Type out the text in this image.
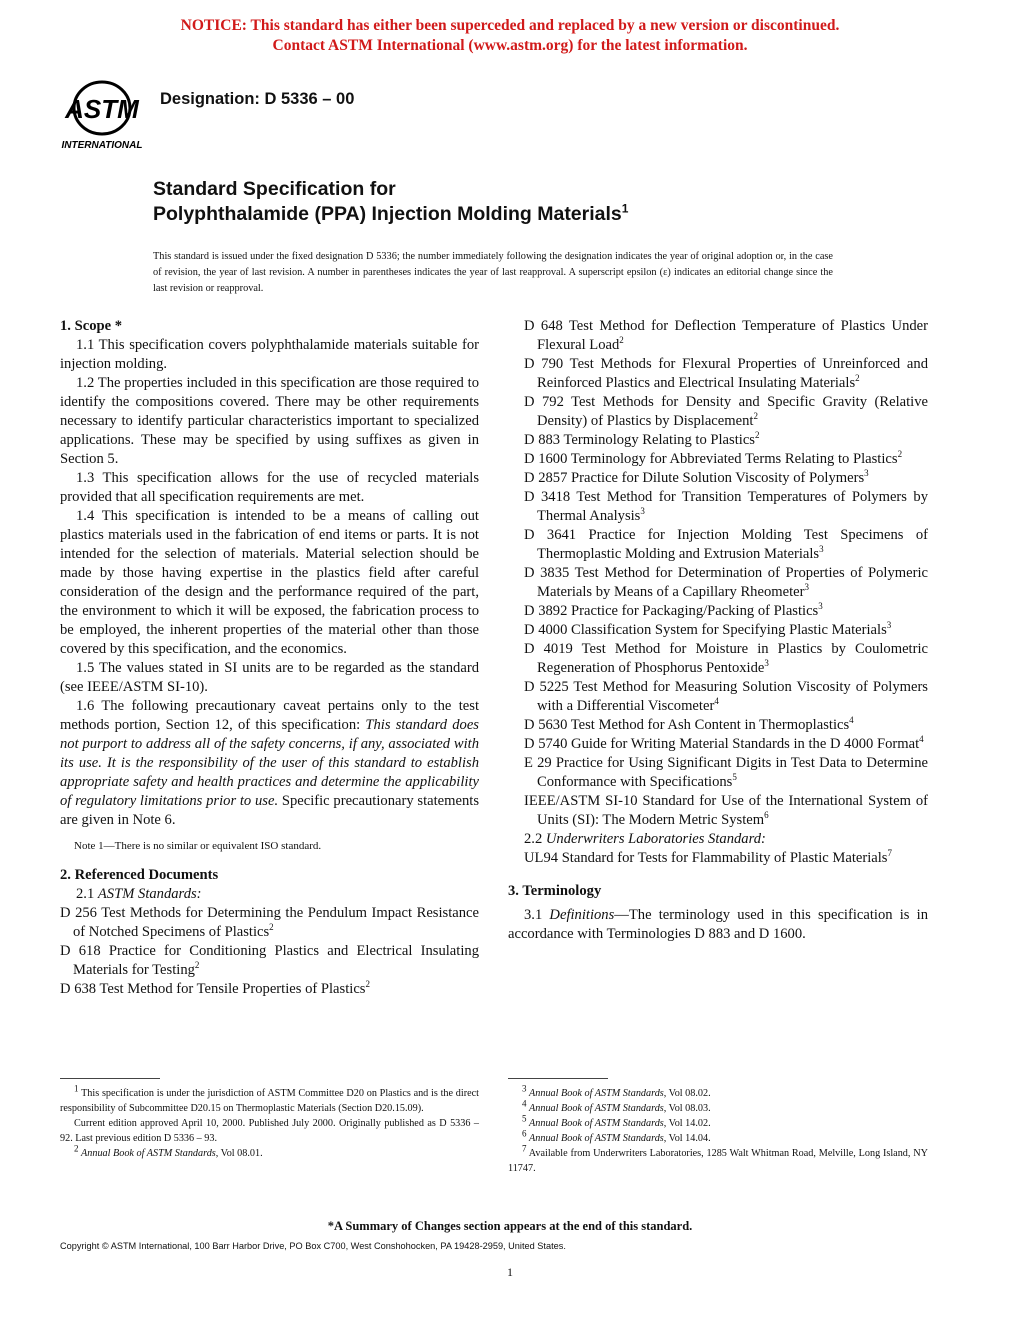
NOTICE: This standard has either been superceded and replaced by a new version or discontinued.
Contact ASTM International (www.astm.org) for the latest information.
ASTM
INTERNATIONAL
Designation: D 5336 – 00
Standard Specification for
Polyphthalamide (PPA) Injection Molding Materials$^1$
This standard is issued under the fixed designation D 5336; the number immediately following the designation indicates the year of original adoption or, in the case of revision, the year of last revision. A number in parentheses indicates the year of last reapproval. A superscript epsilon (ε) indicates an editorial change since the last revision or reapproval.

1. Scope *

1.1 This specification covers polyphthalamide materials suitable for injection molding.

1.2 The properties included in this specification are those required to identify the compositions covered. There may be other requirements necessary to identify particular characteristics important to specialized applications. These may be specified by using suffixes as given in Section 5.

1.3 This specification allows for the use of recycled materials provided that all specification requirements are met.

1.4 This specification is intended to be a means of calling out plastics materials used in the fabrication of end items or parts. It is not intended for the selection of materials. Material selection should be made by those having expertise in the plastics field after careful consideration of the design and the performance required of the part, the environment to which it will be exposed, the fabrication process to be employed, the inherent properties of the material other than those covered by this specification, and the economics.

1.5 The values stated in SI units are to be regarded as the standard (see IEEE/ASTM SI-10).

1.6 The following precautionary caveat pertains only to the test methods portion, Section 12, of this specification: This standard does not purport to address all of the safety concerns, if any, associated with its use. It is the responsibility of the user of this standard to establish appropriate safety and health practices and determine the applicability of regulatory limitations prior to use. Specific precautionary statements are given in Note 6.

Note 1—There is no similar or equivalent ISO standard.

2. Referenced Documents

2.1 ASTM Standards:

D 256 Test Methods for Determining the Pendulum Impact Resistance of Notched Specimens of Plastics$^2$

D 618 Practice for Conditioning Plastics and Electrical Insulating Materials for Testing$^2$

D 638 Test Method for Tensile Properties of Plastics$^2$

D 648 Test Method for Deflection Temperature of Plastics Under Flexural Load$^2$

D 790 Test Methods for Flexural Properties of Unreinforced and Reinforced Plastics and Electrical Insulating Materials$^2$

D 792 Test Methods for Density and Specific Gravity (Relative Density) of Plastics by Displacement$^2$

D 883 Terminology Relating to Plastics$^2$

D 1600 Terminology for Abbreviated Terms Relating to Plastics$^2$

D 2857 Practice for Dilute Solution Viscosity of Polymers$^3$

D 3418 Test Method for Transition Temperatures of Polymers by Thermal Analysis$^3$

D 3641 Practice for Injection Molding Test Specimens of Thermoplastic Molding and Extrusion Materials$^3$

D 3835 Test Method for Determination of Properties of Polymeric Materials by Means of a Capillary Rheometer$^3$

D 3892 Practice for Packaging/Packing of Plastics$^3$

D 4000 Classification System for Specifying Plastic Materials$^3$

D 4019 Test Method for Moisture in Plastics by Coulometric Regeneration of Phosphorus Pentoxide$^3$

D 5225 Test Method for Measuring Solution Viscosity of Polymers with a Differential Viscometer$^4$

D 5630 Test Method for Ash Content in Thermoplastics$^4$

D 5740 Guide for Writing Material Standards in the D 4000 Format$^4$

E 29 Practice for Using Significant Digits in Test Data to Determine Conformance with Specifications$^5$

IEEE/ASTM SI-10 Standard for Use of the International System of Units (SI): The Modern Metric System$^6$

2.2 Underwriters Laboratories Standard:

UL94 Standard for Tests for Flammability of Plastic Materials$^7$

3. Terminology

3.1 Definitions—The terminology used in this specification is in accordance with Terminologies D 883 and D 1600.

$^1$ This specification is under the jurisdiction of ASTM Committee D20 on Plastics and is the direct responsibility of Subcommittee D20.15 on Thermoplastic Materials (Section D20.15.09).

Current edition approved April 10, 2000. Published July 2000. Originally published as D 5336 – 92. Last previous edition D 5336 – 93.

$^2$ Annual Book of ASTM Standards, Vol 08.01.

$^3$ Annual Book of ASTM Standards, Vol 08.02.

$^4$ Annual Book of ASTM Standards, Vol 08.03.

$^5$ Annual Book of ASTM Standards, Vol 14.02.

$^6$ Annual Book of ASTM Standards, Vol 14.04.

$^7$ Available from Underwriters Laboratories, 1285 Walt Whitman Road, Melville, Long Island, NY 11747.

*A Summary of Changes section appears at the end of this standard.
Copyright © ASTM International, 100 Barr Harbor Drive, PO Box C700, West Conshohocken, PA 19428-2959, United States.
1
